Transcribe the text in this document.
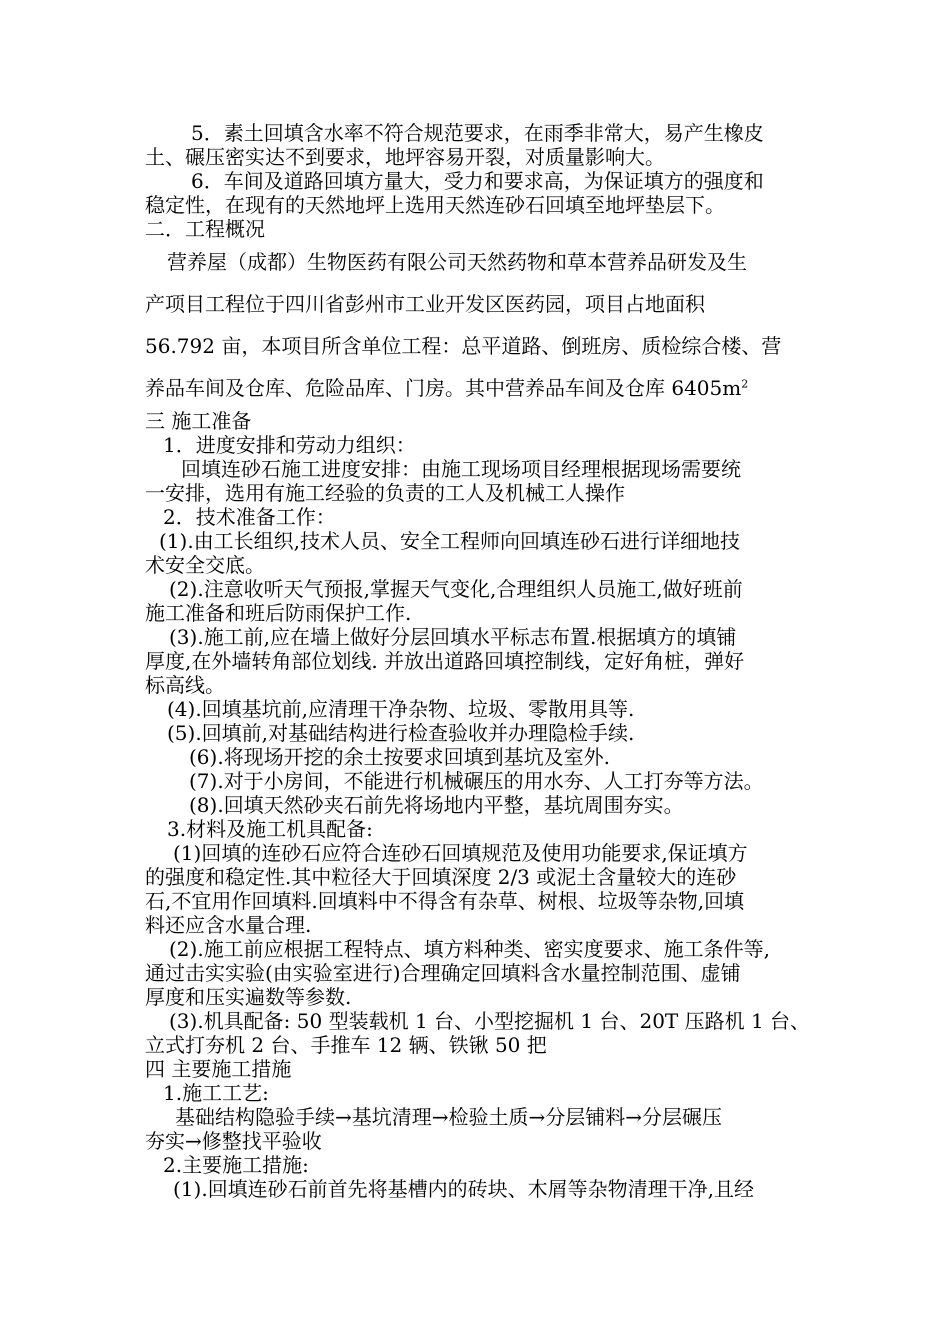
5．素土回填含水率不符合规范要求，在雨季非常大，易产生橡皮
土、碾压密实达不到要求，地坪容易开裂，对质量影响大。
6．车间及道路回填方量大，受力和要求高，为保证填方的强度和
稳定性，在现有的天然地坪上选用天然连砂石回填至地坪垫层下。
二．工程概况
营养屋（成都）生物医药有限公司天然药物和草本营养品研发及生
产项目工程位于四川省彭州市工业开发区医药园，项目占地面积
56.792 亩，本项目所含单位工程：总平道路、倒班房、质检综合楼、营
养品车间及仓库、危险品库、门房。其中营养品车间及仓库 $6405m^2$
三 施工准备
1．进度安排和劳动力组织：
回填连砂石施工进度安排：由施工现场项目经理根据现场需要统
一安排，选用有施工经验的负责的工人及机械工人操作
2．技术准备工作：
(1).由工长组织,技术人员、安全工程师向回填连砂石进行详细地技
术安全交底。
(2).注意收听天气预报,掌握天气变化,合理组织人员施工,做好班前
施工准备和班后防雨保护工作.
(3).施工前,应在墙上做好分层回填水平标志布置.根据填方的填铺
厚度,在外墙转角部位划线. 并放出道路回填控制线，定好角桩，弹好
标高线。
(4).回填基坑前,应清理干净杂物、垃圾、零散用具等.
(5).回填前,对基础结构进行检查验收并办理隐检手续.
(6).将现场开挖的余土按要求回填到基坑及室外.
(7).对于小房间，不能进行机械碾压的用水夯、人工打夯等方法。
(8).回填天然砂夹石前先将场地内平整，基坑周围夯实。
3.材料及施工机具配备:
(1)回填的连砂石应符合连砂石回填规范及使用功能要求,保证填方
的强度和稳定性.其中粒径大于回填深度 2/3 或泥土含量较大的连砂
石,不宜用作回填料.回填料中不得含有杂草、树根、垃圾等杂物,回填
料还应含水量合理.
(2).施工前应根据工程特点、填方料种类、密实度要求、施工条件等,
通过击实实验(由实验室进行)合理确定回填料含水量控制范围、虚铺
厚度和压实遍数等参数.
(3).机具配备: 50 型装载机 1 台、小型挖掘机 1 台、20T 压路机 1 台、
立式打夯机 2 台、手推车 12 辆、铁锹 50 把
四 主要施工措施
1.施工工艺:
基础结构隐验手续→基坑清理→检验土质→分层铺料→分层碾压
夯实→修整找平验收
2.主要施工措施:
(1).回填连砂石前首先将基槽内的砖块、木屑等杂物清理干净,且经
